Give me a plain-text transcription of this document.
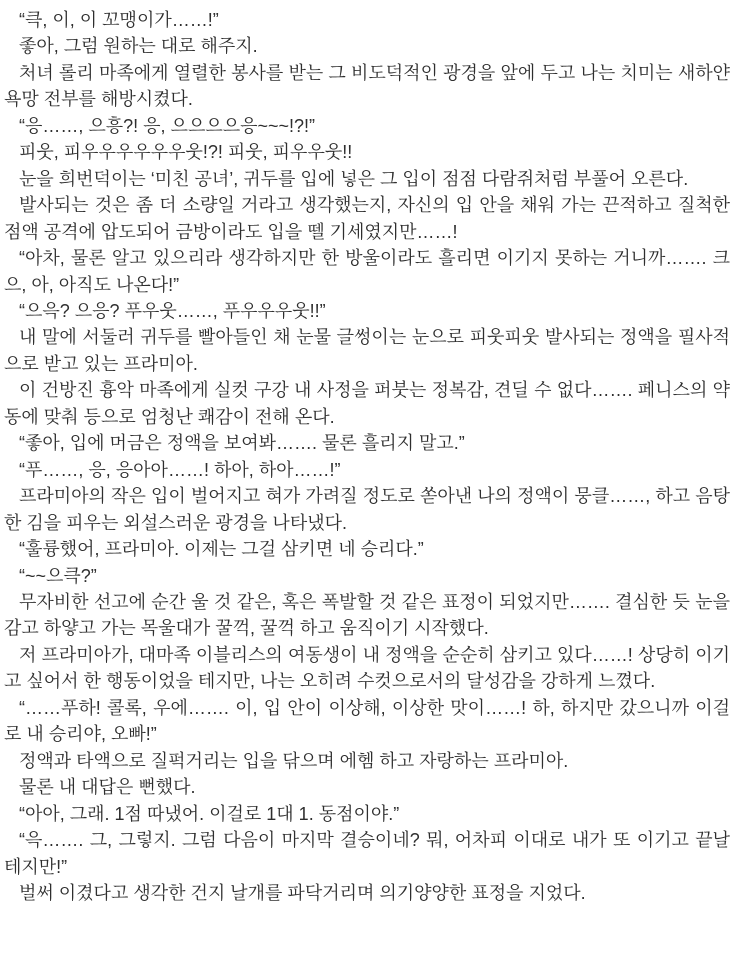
“큭, 이, 이 꼬맹이가……!”

좋아, 그럼 원하는 대로 해주지.

처녀 롤리 마족에게 열렬한 봉사를 받는 그 비도덕적인 광경을 앞에 두고 나는 치미는 새하얀 욕망 전부를 해방시켰다.

“응……, 으흥?! 응, 으으으으응~~~!?!”

피웃, 피우우우우우우웃!?! 피웃, 피우우웃!!

눈을 희번덕이는 ‘미친 공녀’, 귀두를 입에 넣은 그 입이 점점 다람쥐처럼 부풀어 오른다.

발사되는 것은 좀 더 소량일 거라고 생각했는지, 자신의 입 안을 채워 가는 끈적하고 질척한 점액 공격에 압도되어 금방이라도 입을 뗄 기세였지만……!

“아차, 물론 알고 있으리라 생각하지만 한 방울이라도 흘리면 이기지 못하는 거니까……. 크으, 아, 아직도 나온다!”

“으윽? 으응? 푸우웃……, 푸우우우웃!!”

내 말에 서둘러 귀두를 빨아들인 채 눈물 글썽이는 눈으로 피웃피웃 발사되는 정액을 필사적으로 받고 있는 프라미아.

이 건방진 흉악 마족에게 실컷 구강 내 사정을 퍼붓는 정복감, 견딜 수 없다……. 페니스의 약동에 맞춰 등으로 엄청난 쾌감이 전해 온다.

“좋아, 입에 머금은 정액을 보여봐……. 물론 흘리지 말고.”

“푸……, 응, 응아아……! 하아, 하아……!”

프라미아의 작은 입이 벌어지고 혀가 가려질 정도로 쏟아낸 나의 정액이 뭉클……, 하고 음탕한 김을 피우는 외설스러운 광경을 나타냈다.

“훌륭했어, 프라미아. 이제는 그걸 삼키면 네 승리다.”

“~~으큭?”

무자비한 선고에 순간 울 것 같은, 혹은 폭발할 것 같은 표정이 되었지만……. 결심한 듯 눈을 감고 하얗고 가는 목울대가 꿀꺽, 꿀꺽 하고 움직이기 시작했다.

저 프라미아가, 대마족 이블리스의 여동생이 내 정액을 순순히 삼키고 있다……! 상당히 이기고 싶어서 한 행동이었을 테지만, 나는 오히려 수컷으로서의 달성감을 강하게 느꼈다.

“……푸하! 콜록, 우에……. 이, 입 안이 이상해, 이상한 맛이……! 하, 하지만 갔으니까 이걸로 내 승리야, 오빠!”

정액과 타액으로 질퍽거리는 입을 닦으며 에헴 하고 자랑하는 프라미아.

물론 내 대답은 뻔했다.

“아아, 그래. 1점 따냈어. 이걸로 1대 1. 동점이야.”

“윽……. 그, 그렇지. 그럼 다음이 마지막 결승이네? 뭐, 어차피 이대로 내가 또 이기고 끝날 테지만!”

벌써 이겼다고 생각한 건지 날개를 파닥거리며 의기양양한 표정을 지었다.
